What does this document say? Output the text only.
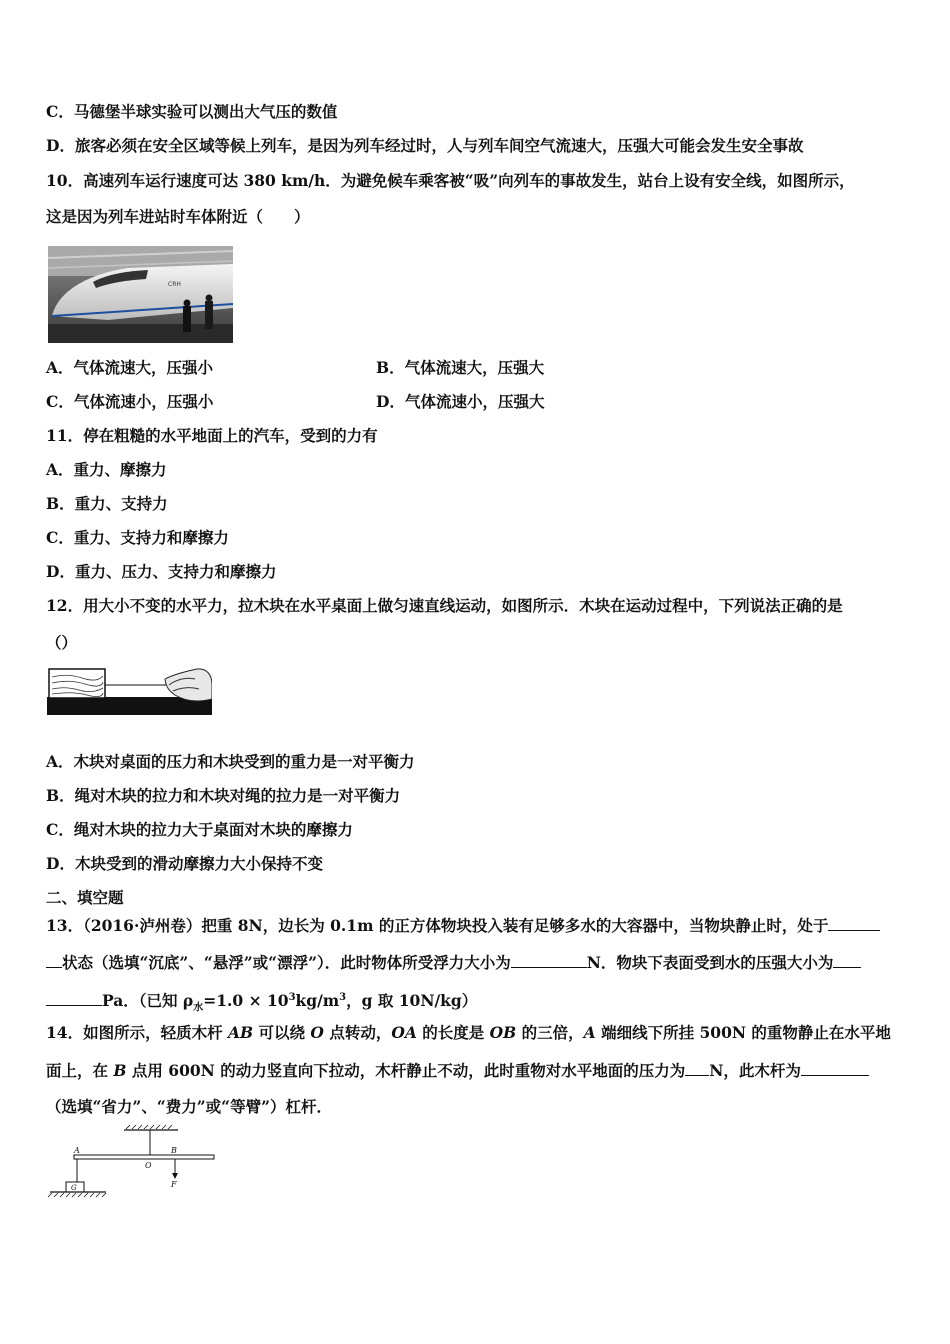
C．马德堡半球实验可以测出大气压的数值
D．旅客必须在安全区域等候上列车，是因为列车经过时，人与列车间空气流速大，压强大可能会发生安全事故
10．高速列车运行速度可达 380 km/h．为避免候车乘客被“吸”向列车的事故发生，站台上设有安全线，如图所示，
这是因为列车进站时车体附近（　　）
CRH
A．气体流速大，压强小	B．气体流速大，压强大
C．气体流速小，压强小	D．气体流速小，压强大
11．停在粗糙的水平地面上的汽车，受到的力有
A．重力、摩擦力
B．重力、支持力
C．重力、支持力和摩擦力
D．重力、压力、支持力和摩擦力
12．用大小不变的水平力，拉木块在水平桌面上做匀速直线运动，如图所示．木块在运动过程中，下列说法正确的是
（）
A．木块对桌面的压力和木块受到的重力是一对平衡力
B．绳对木块的拉力和木块对绳的拉力是一对平衡力
C．绳对木块的拉力大于桌面对木块的摩擦力
D．木块受到的滑动摩擦力大小保持不变
二、填空题
13．（2016·泸州卷）把重 8N，边长为 0.1m 的正方体物块投入装有足够多水的大容器中，当物块静止时，处于
状态（选填“沉底”、“悬浮”或“漂浮”）．此时物体所受浮力大小为	N．物块下表面受到水的压强大小为
Pa．（已知 $\rho_水=1.0 \times 10^3kg/m^3$，g 取 10N/kg）
14．如图所示，轻质木杆 AB 可以绕 O 点转动，OA 的长度是 OB 的三倍，A 端细线下所挂 500N 的重物静止在水平地
面上，在 B 点用 600N 的动力竖直向下拉动，木杆静止不动，此时重物对水平地面的压力为 N，此木杆为
（选填“省力”、“费力”或“等臂”）杠杆．
A
O
B
F
G
